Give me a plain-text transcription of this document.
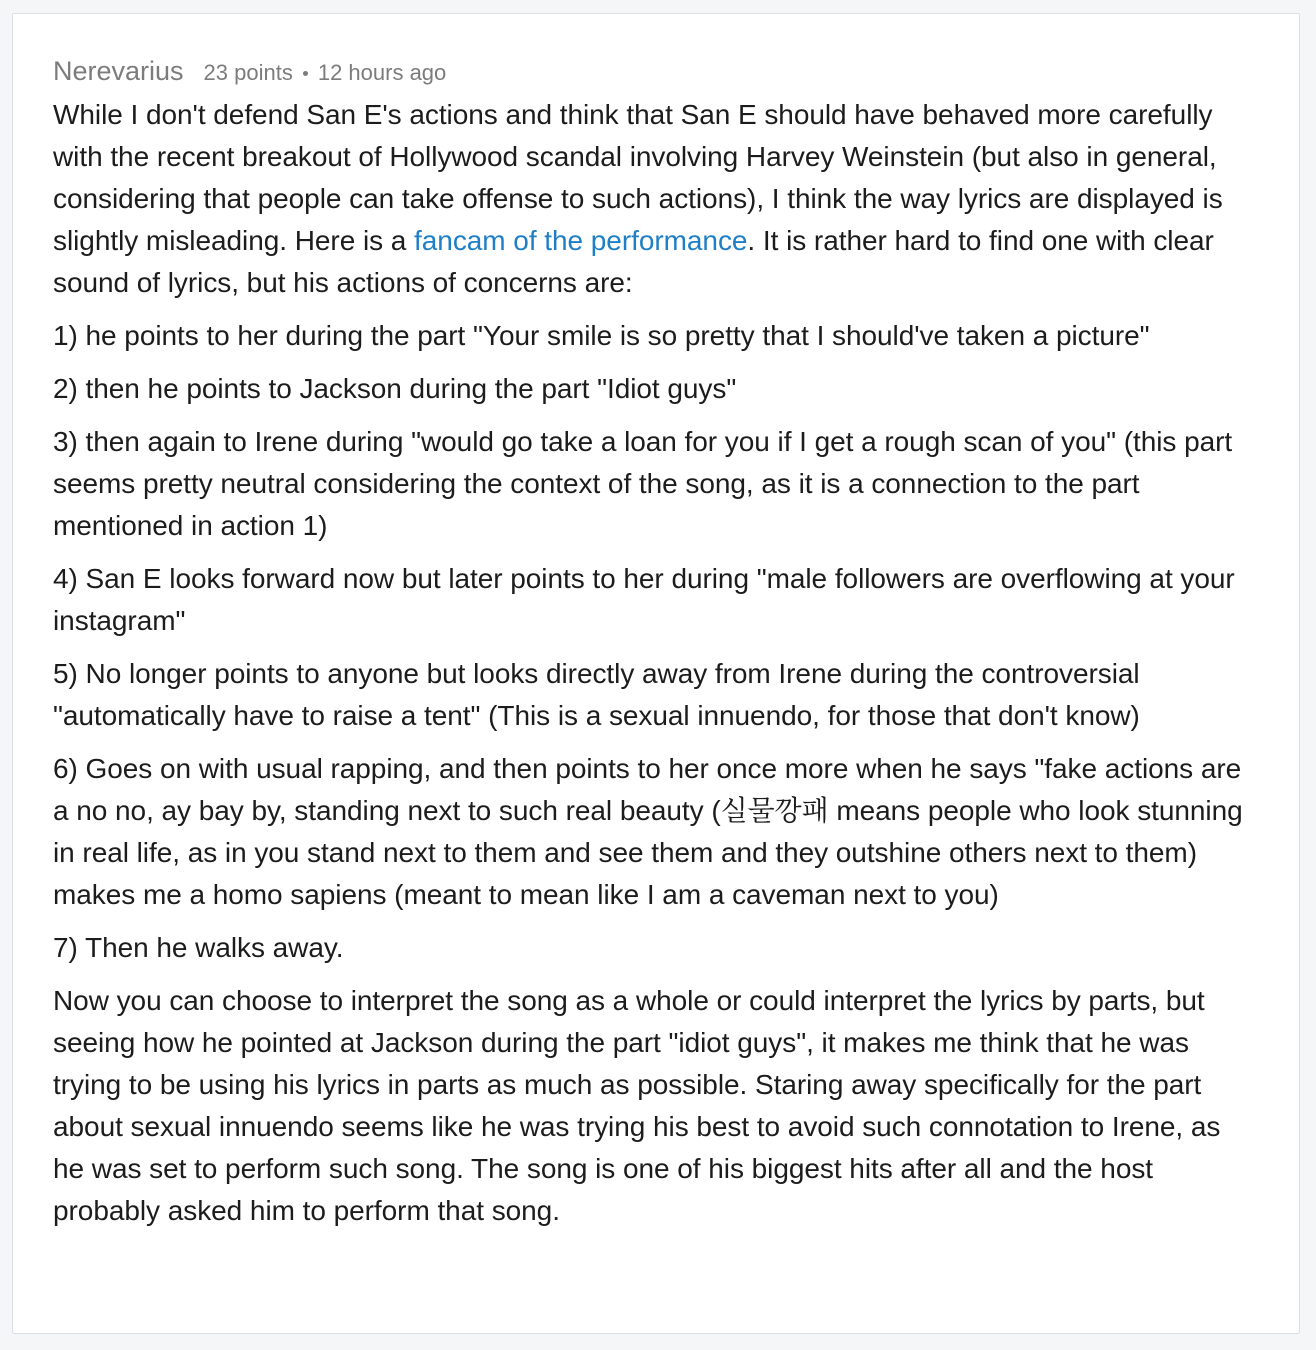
Nerevarius 23 points 12 hours ago

While I don't defend San E's actions and think that San E should have behaved more carefully with the recent breakout of Hollywood scandal involving Harvey Weinstein (but also in general, considering that people can take offense to such actions), I think the way lyrics are displayed is slightly misleading. Here is a fancam of the performance. It is rather hard to find one with clear sound of lyrics, but his actions of concerns are:

1) he points to her during the part "Your smile is so pretty that I should've taken a picture"

2) then he points to Jackson during the part "Idiot guys"

3) then again to Irene during "would go take a loan for you if I get a rough scan of you" (this part seems pretty neutral considering the context of the song, as it is a connection to the part mentioned in action 1)

4) San E looks forward now but later points to her during "male followers are overflowing at your instagram"

5) No longer points to anyone but looks directly away from Irene during the controversial "automatically have to raise a tent" (This is a sexual innuendo, for those that don't know)

6) Goes on with usual rapping, and then points to her once more when he says "fake actions are a no no, ay bay by, standing next to such real beauty (실물깡패 means people who look stunning in real life, as in you stand next to them and see them and they outshine others next to them) makes me a homo sapiens (meant to mean like I am a caveman next to you)

7) Then he walks away.

Now you can choose to interpret the song as a whole or could interpret the lyrics by parts, but seeing how he pointed at Jackson during the part "idiot guys", it makes me think that he was trying to be using his lyrics in parts as much as possible. Staring away specifically for the part about sexual innuendo seems like he was trying his best to avoid such connotation to Irene, as he was set to perform such song. The song is one of his biggest hits after all and the host probably asked him to perform that song.
